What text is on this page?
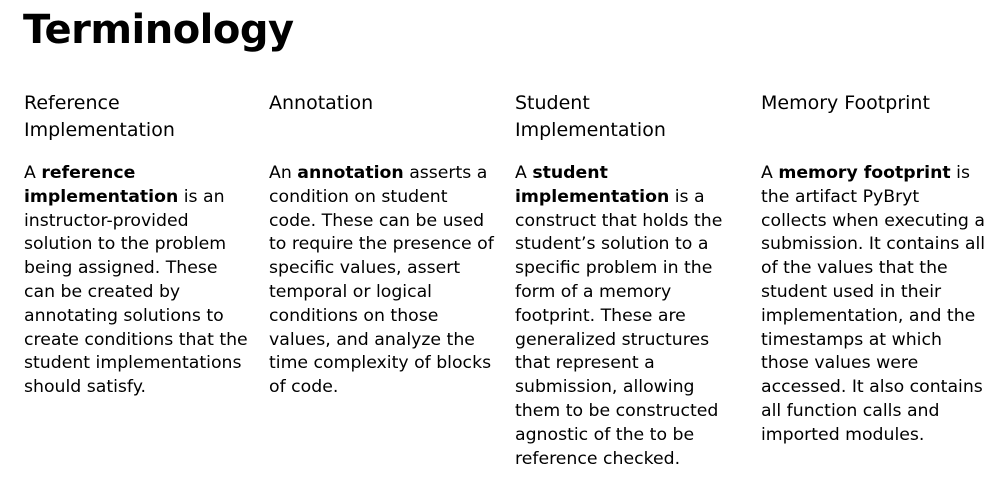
Terminology
Reference Implementation

A reference implementation is an instructor-provided solution to the problem being assigned. These can be created by annotating solutions to create conditions that the student implementations should satisfy.

Annotation

An annotation asserts a condition on student code. These can be used to require the presence of specific values, assert temporal or logical conditions on those values, and analyze the time complexity of blocks of code.

Student Implementation

A student implementation is a construct that holds the student’s solution to a specific problem in the form of a memory footprint. These are generalized structures that represent a submission, allowing them to be constructed agnostic of the to be reference checked.

Memory Footprint

A memory footprint is the artifact PyBryt collects when executing a submission. It contains all of the values that the student used in their implementation, and the timestamps at which those values were accessed. It also contains all function calls and imported modules.
